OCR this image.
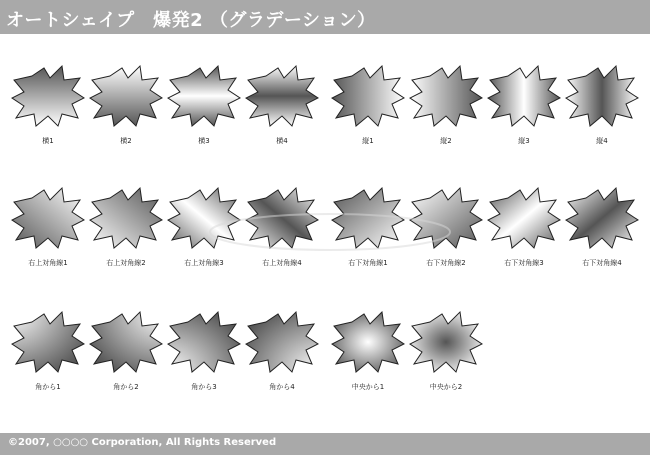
オートシェイプ　爆発2 （グラデーション）
横1	横2	横3	横4	縦1	縦2	縦3	縦4
右上対角線1	右上対角線2	右上対角線3	右上対角線4	右下対角線1	右下対角線2	右下対角線3	右下対角線4
角から1	角から2	角から3	角から4	中央から1	中央から2
©2007, ○○○○ Corporation, All Rights Reserved
